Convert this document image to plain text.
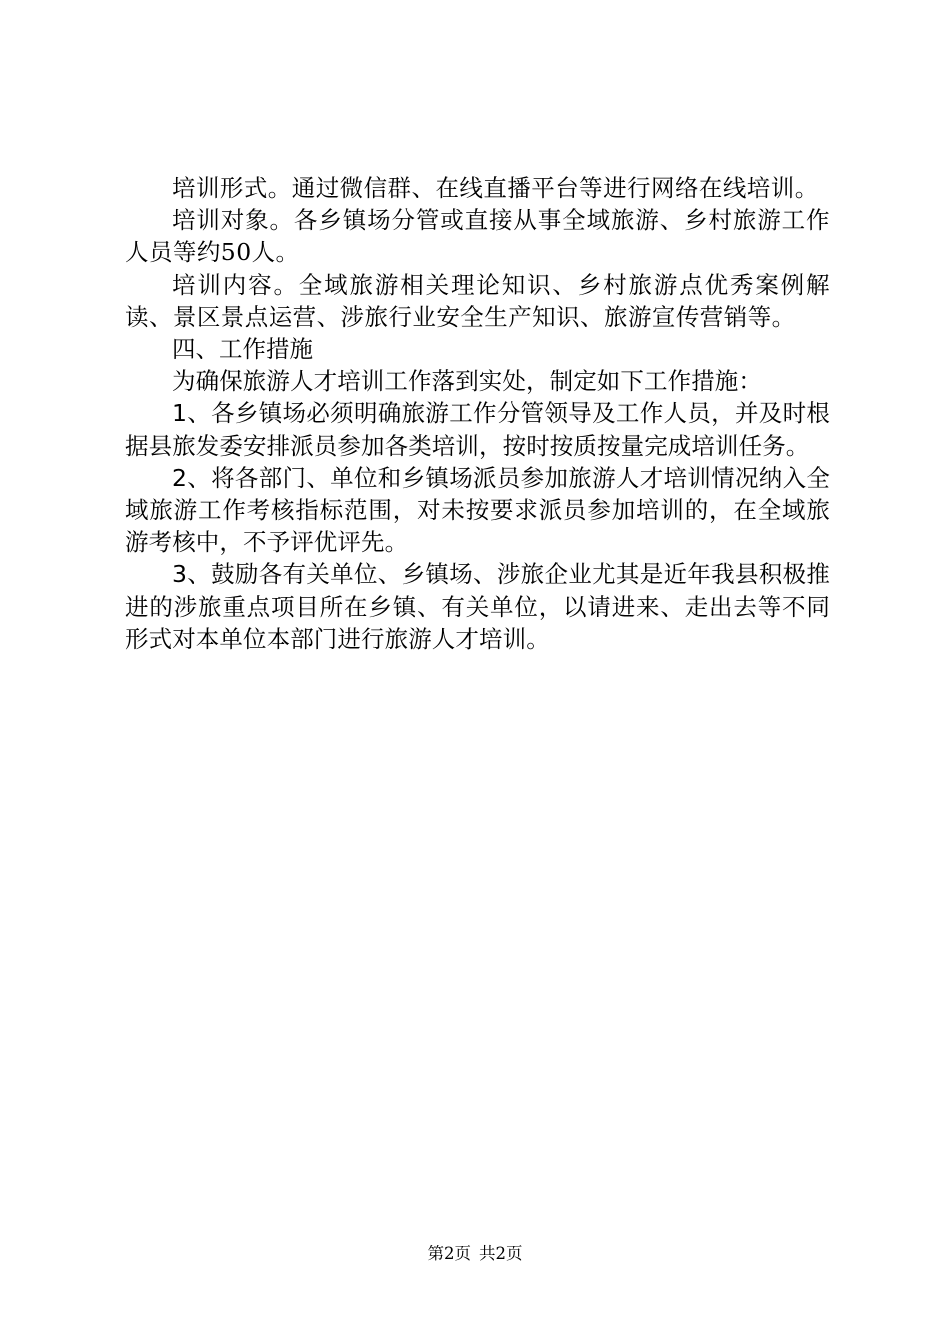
培训形式。通过微信群、在线直播平台等进行网络在线培训。

培训对象。各乡镇场分管或直接从事全域旅游、乡村旅游工作人员等约50人。

培训内容。全域旅游相关理论知识、乡村旅游点优秀案例解读、景区景点运营、涉旅行业安全生产知识、旅游宣传营销等。

四、工作措施

为确保旅游人才培训工作落到实处，制定如下工作措施：

1、各乡镇场必须明确旅游工作分管领导及工作人员，并及时根据县旅发委安排派员参加各类培训，按时按质按量完成培训任务。

2、将各部门、单位和乡镇场派员参加旅游人才培训情况纳入全域旅游工作考核指标范围，对未按要求派员参加培训的，在全域旅游考核中，不予评优评先。

3、鼓励各有关单位、乡镇场、涉旅企业尤其是近年我县积极推进的涉旅重点项目所在乡镇、有关单位，以请进来、走出去等不同形式对本单位本部门进行旅游人才培训。

第2页 共2页
